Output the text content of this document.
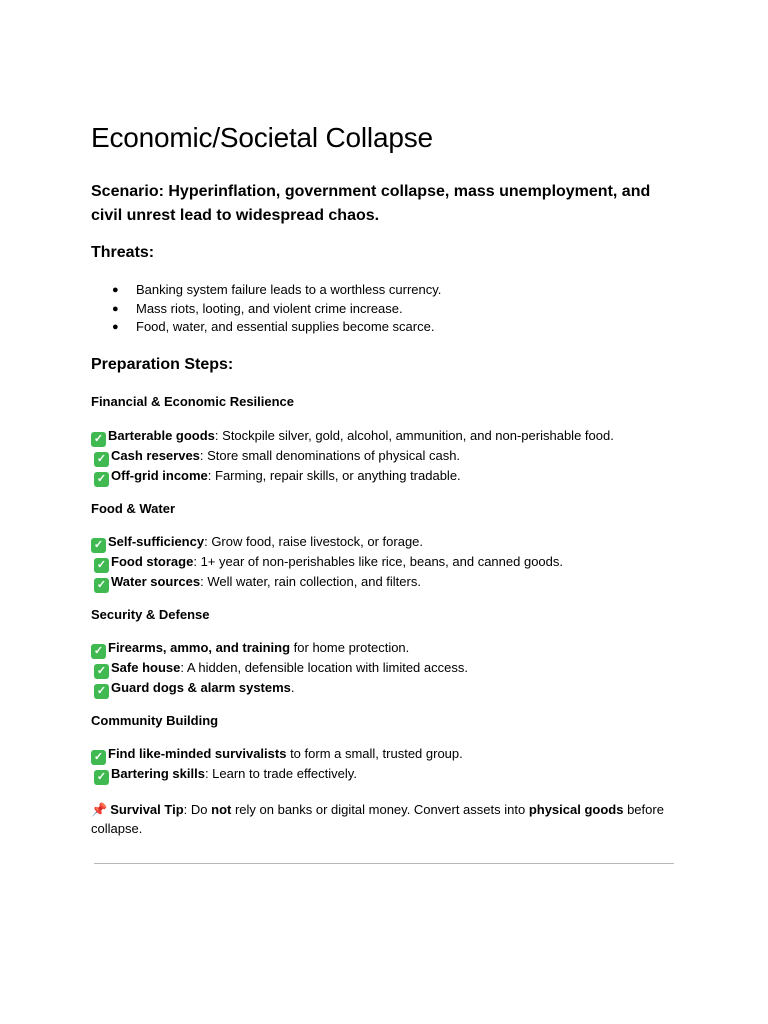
Economic/Societal Collapse

Scenario: Hyperinflation, government collapse, mass unemployment, and civil unrest lead to widespread chaos.

Threats:

● Banking system failure leads to a worthless currency.
● Mass riots, looting, and violent crime increase.
● Food, water, and essential supplies become scarce.

Preparation Steps:

Financial & Economic Resilience

✓ Barterable goods: Stockpile silver, gold, alcohol, ammunition, and non-perishable food.
✓ Cash reserves: Store small denominations of physical cash.
✓ Off-grid income: Farming, repair skills, or anything tradable.

Food & Water

✓ Self-sufficiency: Grow food, raise livestock, or forage.
✓ Food storage: 1+ year of non-perishables like rice, beans, and canned goods.
✓ Water sources: Well water, rain collection, and filters.

Security & Defense

✓ Firearms, ammo, and training for home protection.
✓ Safe house: A hidden, defensible location with limited access.
✓ Guard dogs & alarm systems.

Community Building

✓ Find like-minded survivalists to form a small, trusted group.
✓ Bartering skills: Learn to trade effectively.

📌 Survival Tip: Do not rely on banks or digital money. Convert assets into physical goods before collapse.
